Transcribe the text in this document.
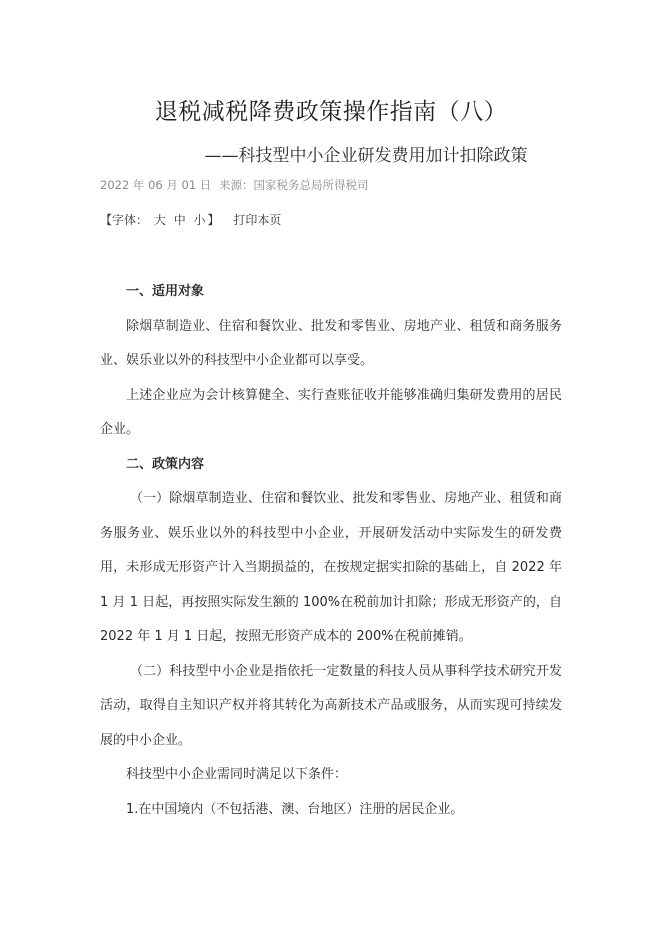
退税减税降费政策操作指南（八）
——科技型中小企业研发费用加计扣除政策
2022 年 06 月 01 日 来源：国家税务总局所得税司
【字体： 大 中 小 】 打印本页

一、适用对象

除烟草制造业、住宿和餐饮业、批发和零售业、房地产业、租赁和商务服务业、娱乐业以外的科技型中小企业都可以享受。

上述企业应为会计核算健全、实行查账征收并能够准确归集研发费用的居民企业。

二、政策内容

（一）除烟草制造业、住宿和餐饮业、批发和零售业、房地产业、租赁和商务服务业、娱乐业以外的科技型中小企业，开展研发活动中实际发生的研发费用，未形成无形资产计入当期损益的，在按规定据实扣除的基础上，自 2022 年 1 月 1 日起，再按照实际发生额的 100%在税前加计扣除；形成无形资产的，自 2022 年 1 月 1 日起，按照无形资产成本的 200%在税前摊销。

（二）科技型中小企业是指依托一定数量的科技人员从事科学技术研究开发活动，取得自主知识产权并将其转化为高新技术产品或服务，从而实现可持续发展的中小企业。

科技型中小企业需同时满足以下条件：

1.在中国境内（不包括港、澳、台地区）注册的居民企业。
